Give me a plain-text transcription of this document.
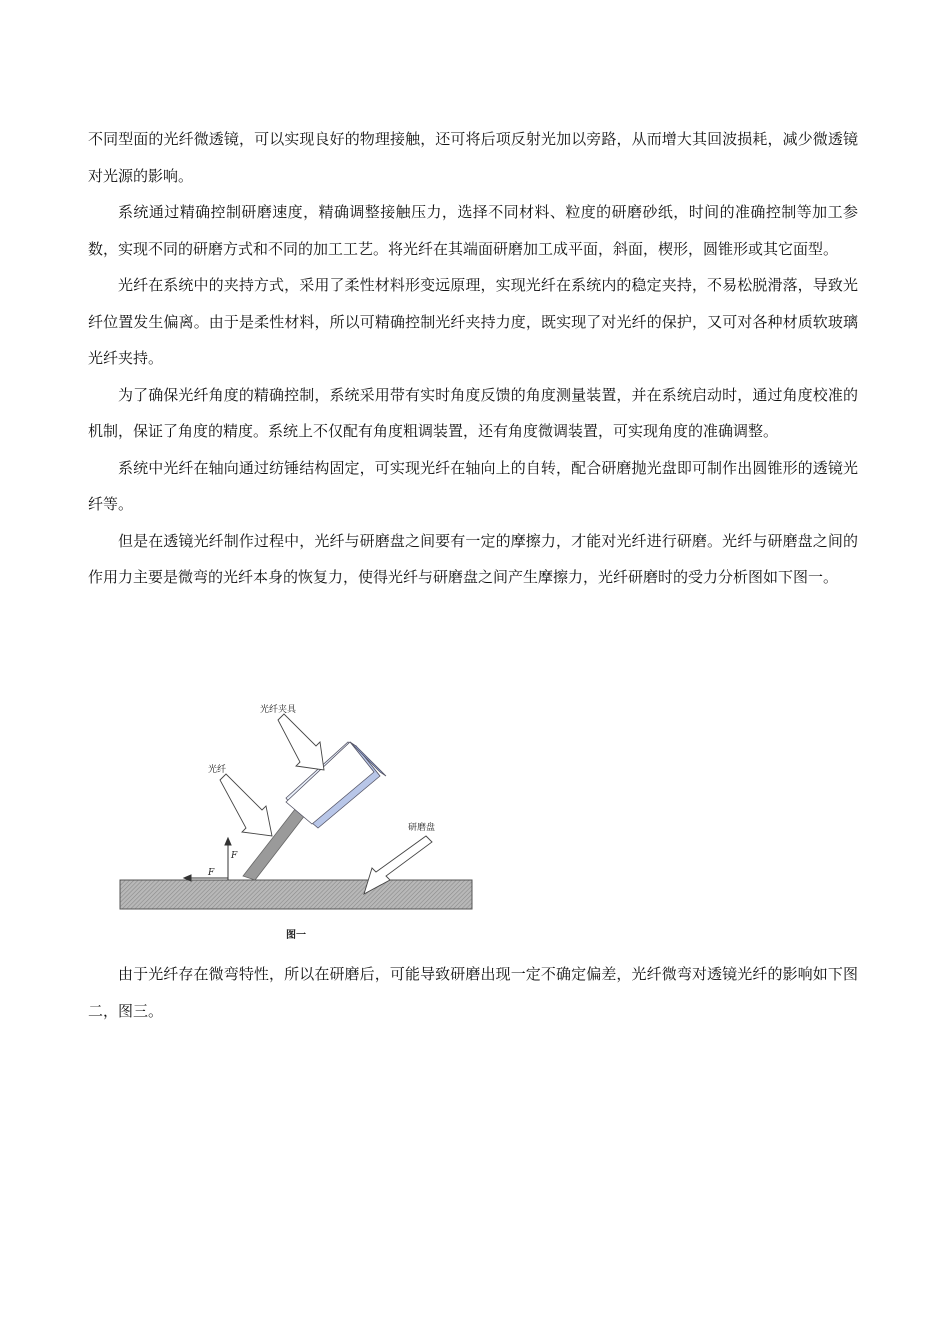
不同型面的光纤微透镜，可以实现良好的物理接触，还可将后项反射光加以旁路，从而增大其回波损耗，减少微透镜对光源的影响。

系统通过精确控制研磨速度，精确调整接触压力，选择不同材料、粒度的研磨砂纸，时间的准确控制等加工参数，实现不同的研磨方式和不同的加工工艺。将光纤在其端面研磨加工成平面，斜面，楔形，圆锥形或其它面型。

光纤在系统中的夹持方式，采用了柔性材料形变远原理，实现光纤在系统内的稳定夹持，不易松脱滑落，导致光纤位置发生偏离。由于是柔性材料，所以可精确控制光纤夹持力度，既实现了对光纤的保护，又可对各种材质软玻璃光纤夹持。

为了确保光纤角度的精确控制，系统采用带有实时角度反馈的角度测量装置，并在系统启动时，通过角度校准的机制，保证了角度的精度。系统上不仅配有角度粗调装置，还有角度微调装置，可实现角度的准确调整。

系统中光纤在轴向通过纺锤结构固定，可实现光纤在轴向上的自转，配合研磨抛光盘即可制作出圆锥形的透镜光纤等。

但是在透镜光纤制作过程中，光纤与研磨盘之间要有一定的摩擦力，才能对光纤进行研磨。光纤与研磨盘之间的作用力主要是微弯的光纤本身的恢复力，使得光纤与研磨盘之间产生摩擦力，光纤研磨时的受力分析图如下图一。

由于光纤存在微弯特性，所以在研磨后，可能导致研磨出现一定不确定偏差，光纤微弯对透镜光纤的影响如下图二，图三。

光纤夹具
光纤
研磨盘
F
F
图一
